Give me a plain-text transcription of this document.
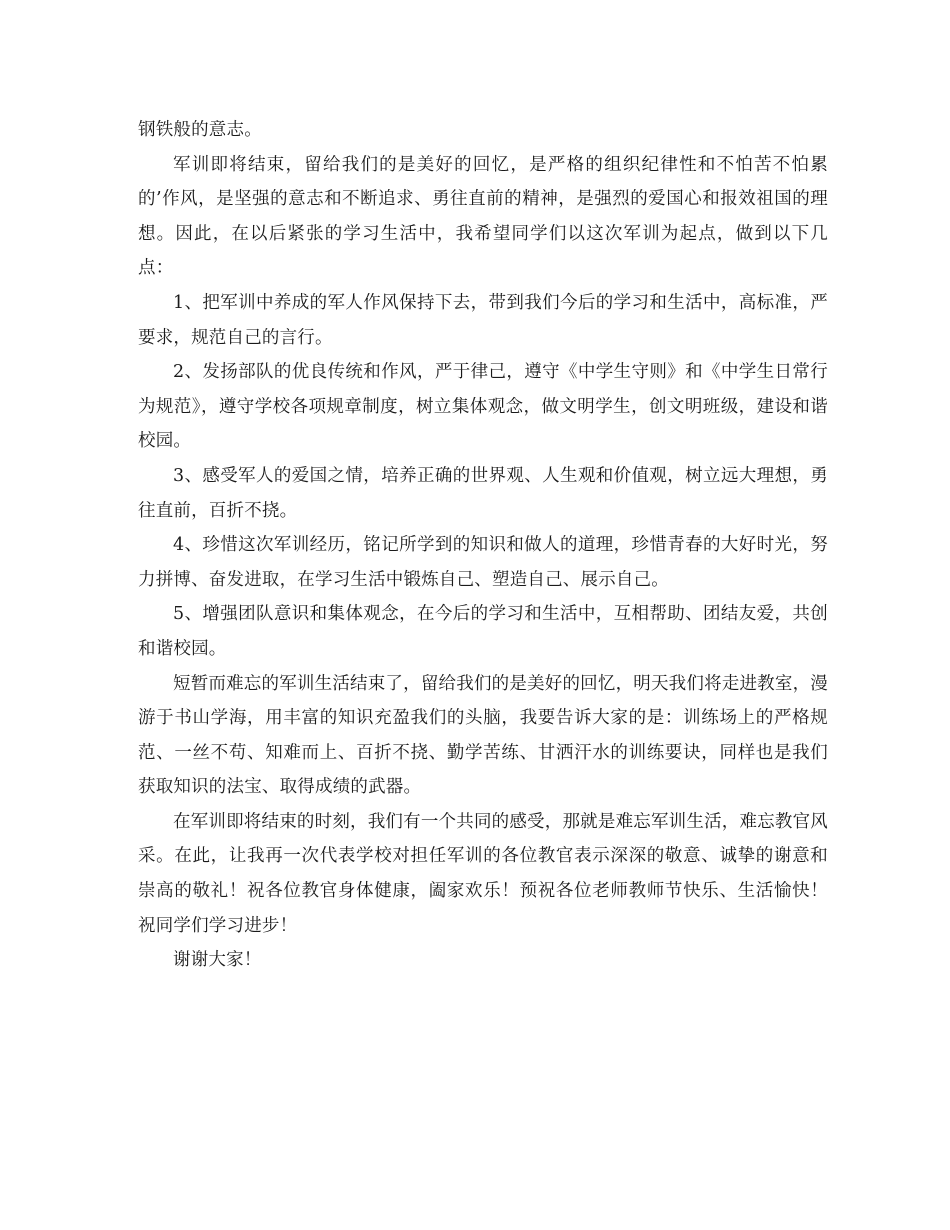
钢铁般的意志。

军训即将结束，留给我们的是美好的回忆，是严格的组织纪律性和不怕苦不怕累的’作风，是坚强的意志和不断追求、勇往直前的精神，是强烈的爱国心和报效祖国的理想。因此，在以后紧张的学习生活中，我希望同学们以这次军训为起点，做到以下几点：

1、把军训中养成的军人作风保持下去，带到我们今后的学习和生活中，高标准，严要求，规范自己的言行。

2、发扬部队的优良传统和作风，严于律己，遵守《中学生守则》和《中学生日常行为规范》，遵守学校各项规章制度，树立集体观念，做文明学生，创文明班级，建设和谐校园。

3、感受军人的爱国之情，培养正确的世界观、人生观和价值观，树立远大理想，勇往直前，百折不挠。

4、珍惜这次军训经历，铭记所学到的知识和做人的道理，珍惜青春的大好时光，努力拼博、奋发进取，在学习生活中锻炼自己、塑造自己、展示自己。

5、增强团队意识和集体观念，在今后的学习和生活中，互相帮助、团结友爱，共创和谐校园。

短暂而难忘的军训生活结束了，留给我们的是美好的回忆，明天我们将走进教室，漫游于书山学海，用丰富的知识充盈我们的头脑，我要告诉大家的是：训练场上的严格规范、一丝不苟、知难而上、百折不挠、勤学苦练、甘洒汗水的训练要诀，同样也是我们获取知识的法宝、取得成绩的武器。

在军训即将结束的时刻，我们有一个共同的感受，那就是难忘军训生活，难忘教官风采。在此，让我再一次代表学校对担任军训的各位教官表示深深的敬意、诚挚的谢意和崇高的敬礼！祝各位教官身体健康，阖家欢乐！预祝各位老师教师节快乐、生活愉快！祝同学们学习进步！

谢谢大家！
